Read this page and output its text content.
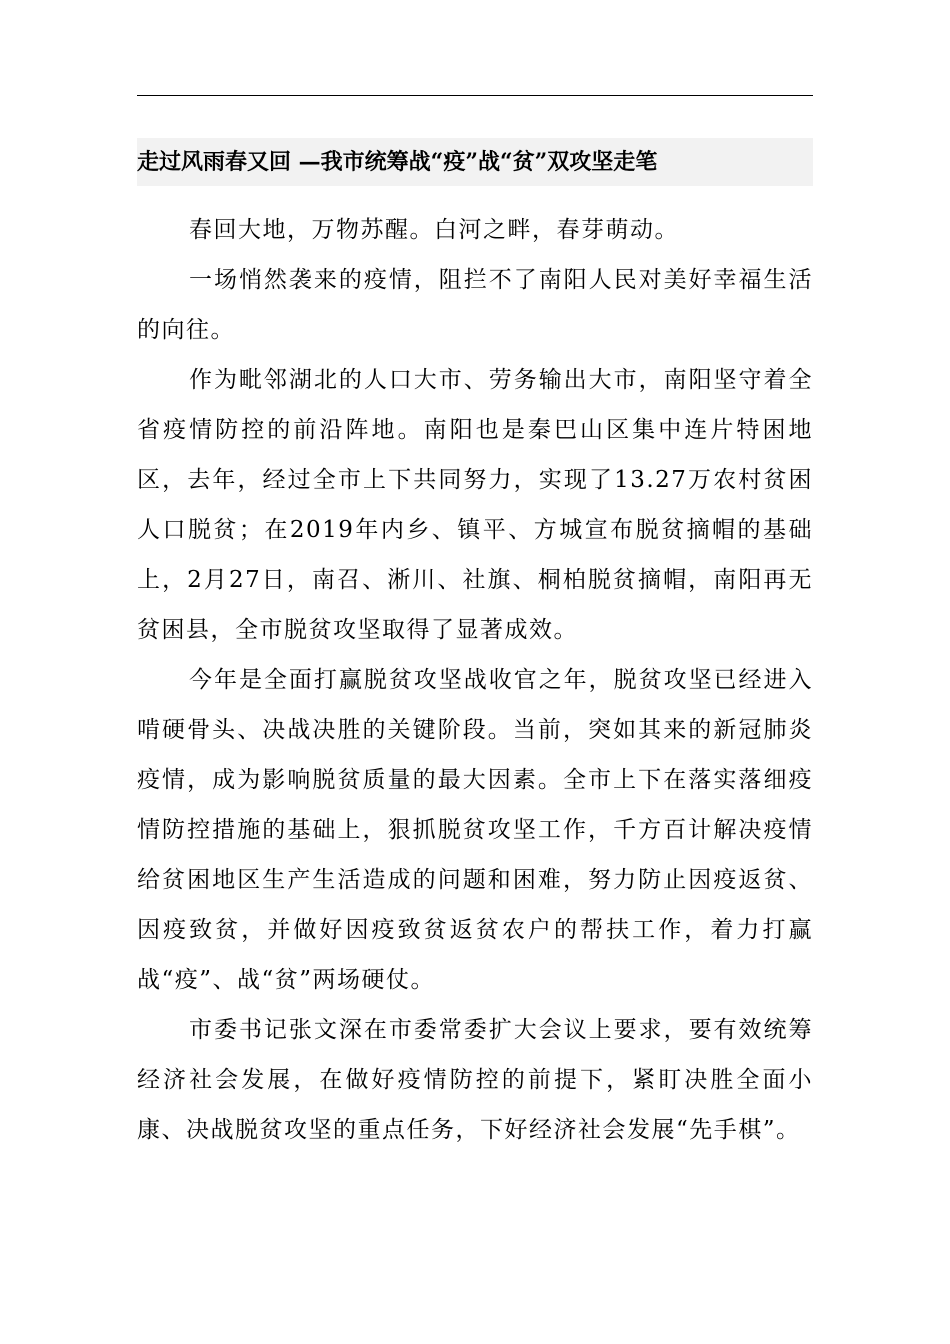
走过风雨春又回 —我市统筹战“疫”战“贫”双攻坚走笔

春回大地，万物苏醒。白河之畔，春芽萌动。

一场悄然袭来的疫情，阻拦不了南阳人民对美好幸福生活的向往。

作为毗邻湖北的人口大市、劳务输出大市，南阳坚守着全省疫情防控的前沿阵地。南阳也是秦巴山区集中连片特困地区，去年，经过全市上下共同努力，实现了13.27万农村贫困人口脱贫；在2019年内乡、镇平、方城宣布脱贫摘帽的基础上，2月27日，南召、淅川、社旗、桐柏脱贫摘帽，南阳再无贫困县，全市脱贫攻坚取得了显著成效。

今年是全面打赢脱贫攻坚战收官之年，脱贫攻坚已经进入啃硬骨头、决战决胜的关键阶段。当前，突如其来的新冠肺炎疫情，成为影响脱贫质量的最大因素。全市上下在落实落细疫情防控措施的基础上，狠抓脱贫攻坚工作，千方百计解决疫情给贫困地区生产生活造成的问题和困难，努力防止因疫返贫、因疫致贫，并做好因疫致贫返贫农户的帮扶工作，着力打赢战“疫”、战“贫”两场硬仗。

市委书记张文深在市委常委扩大会议上要求，要有效统筹经济社会发展，在做好疫情防控的前提下，紧盯决胜全面小康、决战脱贫攻坚的重点任务，下好经济社会发展“先手棋”。
